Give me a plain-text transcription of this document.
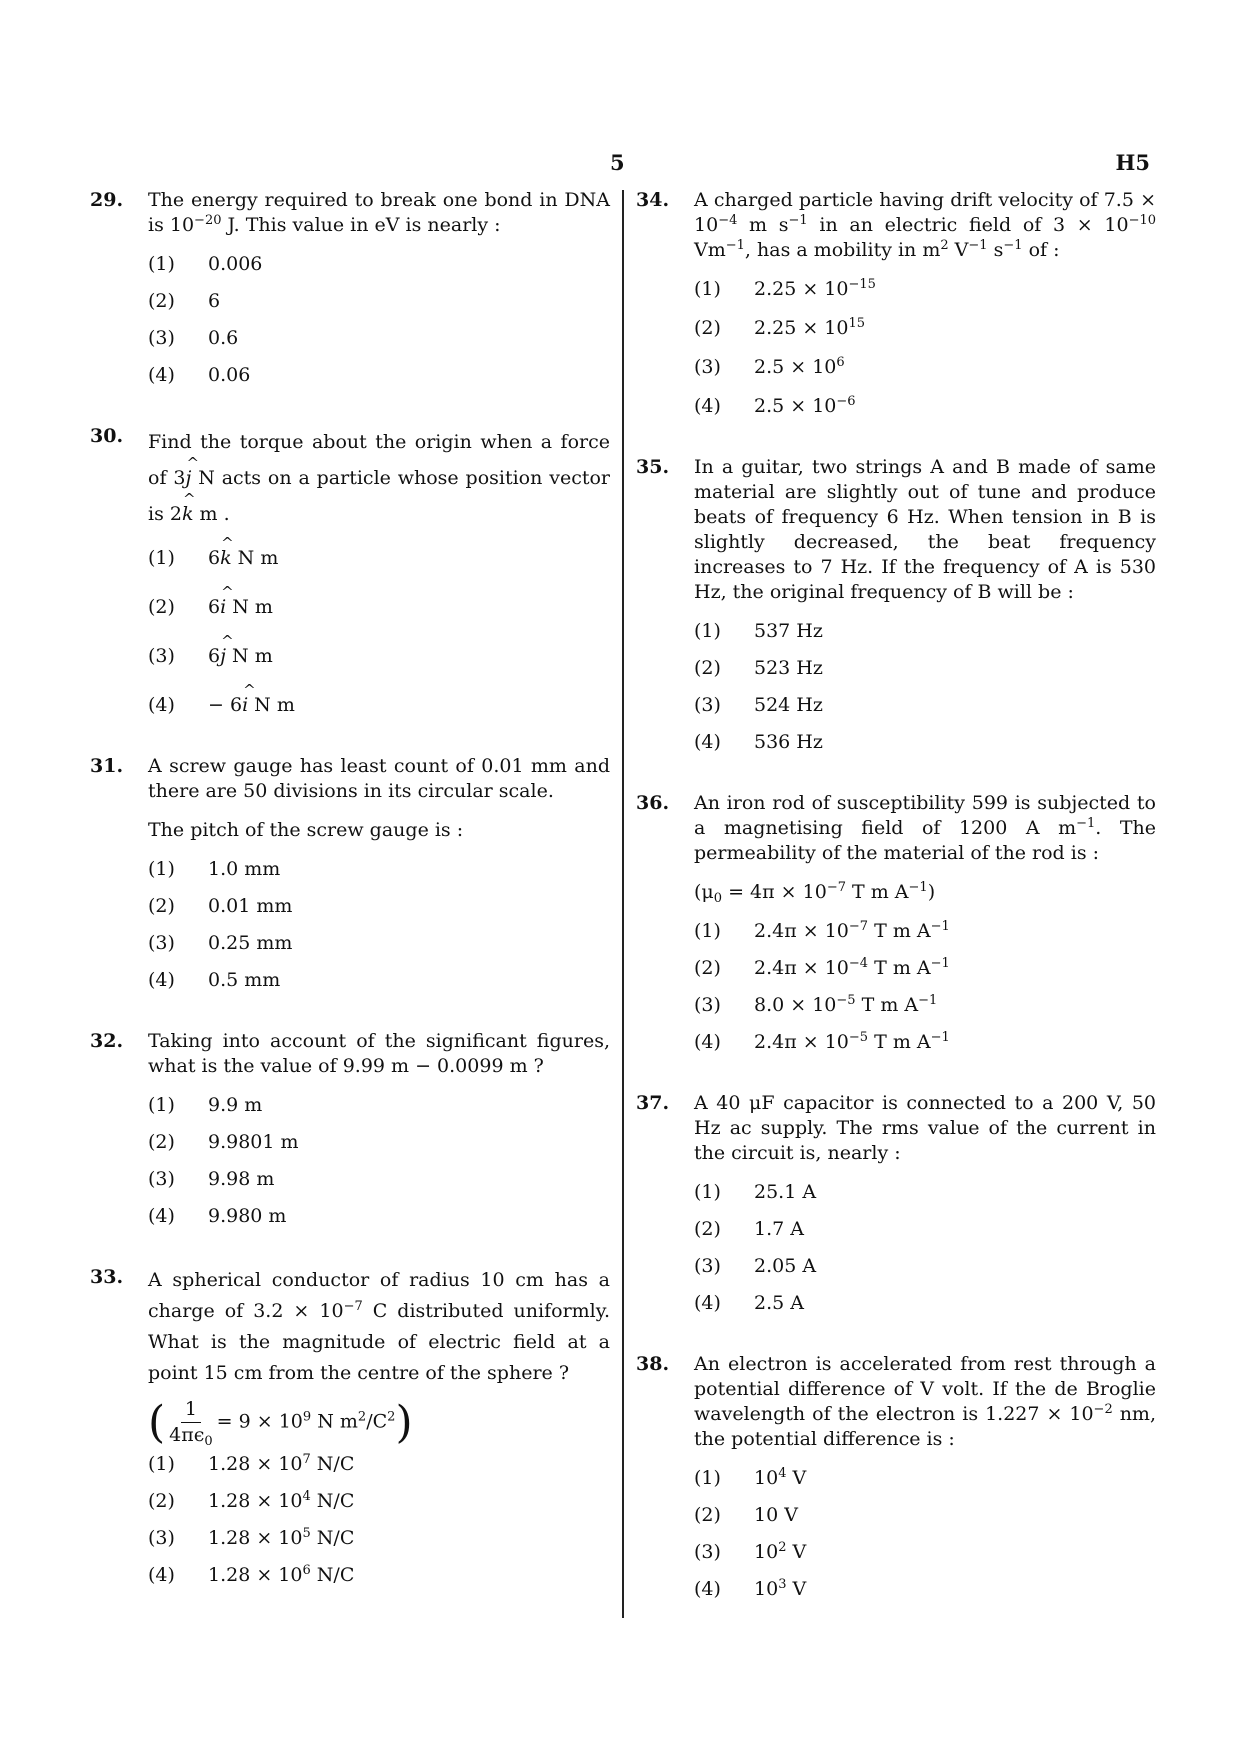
5	H5
29.	The energy required to break one bond in DNA is $10^{-20}$ J. This value in eV is nearly :
(1)	0.006
(2)	6
(3)	0.6
(4)	0.06
30.	Find the torque about the origin when a force of 3^ j N acts on a particle whose position vector is 2^ k m .
(1)	6^ k N m
(2)	6^ i N m
(3)	6^ j N m
(4)	− 6^ i N m
31.	A screw gauge has least count of 0.01 mm and there are 50 divisions in its circular scale.
The pitch of the screw gauge is :
(1)	1.0 mm
(2)	0.01 mm
(3)	0.25 mm
(4)	0.5 mm
32.	Taking into account of the significant figures, what is the value of 9.99 m − 0.0099 m ?
(1)	9.9 m
(2)	9.9801 m
(3)	9.98 m
(4)	9.980 m
33.	A spherical conductor of radius 10 cm has a charge of $3.2 \times 10^{-7}$ C distributed uniformly. What is the magnitude of electric field at a point 15 cm from the centre of the sphere ?
( $\frac{1}{4\pi\epsilon_0} = 9 \times 10^9$ N $m^2/C^2$)
(1)	$1.28 \times 10^7$ N/C
(2)	$1.28 \times 10^4$ N/C
(3)	$1.28 \times 10^5$ N/C
(4)	$1.28 \times 10^6$ N/C
34.	A charged particle having drift velocity of $7.5 \times 10^{-4}$ m $s^{-1}$ in an electric field of $3 \times 10^{-10}$ $Vm^{-1}$, has a mobility in $m^2$ $V^{-1}$ $s^{-1}$ of :
(1)	$2.25 \times 10^{-15}$
(2)	$2.25 \times 10^{15}$
(3)	$2.5 \times 10^6$
(4)	$2.5 \times 10^{-6}$
35.	In a guitar, two strings A and B made of same material are slightly out of tune and produce beats of frequency 6 Hz. When tension in B is slightly decreased, the beat frequency increases to 7 Hz. If the frequency of A is 530 Hz, the original frequency of B will be :
(1)	537 Hz
(2)	523 Hz
(3)	524 Hz
(4)	536 Hz
36.	An iron rod of susceptibility 599 is subjected to a magnetising field of 1200 A $m^{-1}$. The permeability of the material of the rod is :
($\mu_0 = 4\pi \times 10^{-7}$ T m $A^{-1}$)
(1)	$2.4\pi \times 10^{-7}$ T m $A^{-1}$
(2)	$2.4\pi \times 10^{-4}$ T m $A^{-1}$
(3)	$8.0 \times 10^{-5}$ T m $A^{-1}$
(4)	$2.4\pi \times 10^{-5}$ T m $A^{-1}$
37.	A 40 μF capacitor is connected to a 200 V, 50 Hz ac supply. The rms value of the current in the circuit is, nearly :
(1)	25.1 A
(2)	1.7 A
(3)	2.05 A
(4)	2.5 A
38.	An electron is accelerated from rest through a potential difference of V volt. If the de Broglie wavelength of the electron is $1.227 \times 10^{-2}$ nm, the potential difference is :
(1)	$10^4$ V
(2)	10 V
(3)	$10^2$ V
(4)	$10^3$ V
